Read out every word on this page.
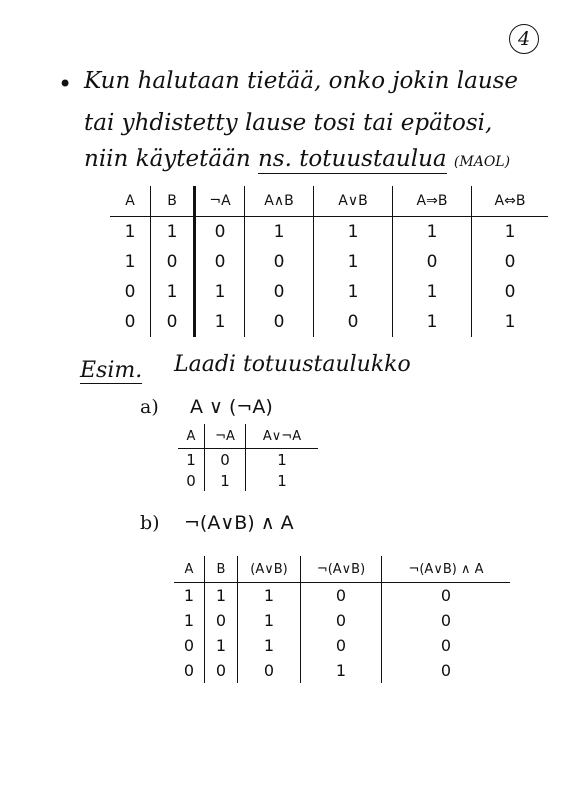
4
• Kun halutaan tietää, onko jokin lause
tai yhdistetty lause tosi tai epätosi,
niin käytetään ns. totuustaulua (MAOL)
A	B	¬A	A∧B	A∨B	A⇒B	A⇔B
1	1	0	1	1	1	1
1	0	0	0	1	0	0
0	1	1	0	1	1	0
0	0	1	0	0	1	1
Esim. Laadi totuustaulukko
a) A ∨ (¬A)
A	¬A	A∨¬A
1	0	1
0	1	1
b) ¬(A∨B) ∧ A
A	B	(A∨B)	¬(A∨B)	¬(A∨B) ∧ A
1	1	1	0	0
1	0	1	0	0
0	1	1	0	0
0	0	0	1	0
